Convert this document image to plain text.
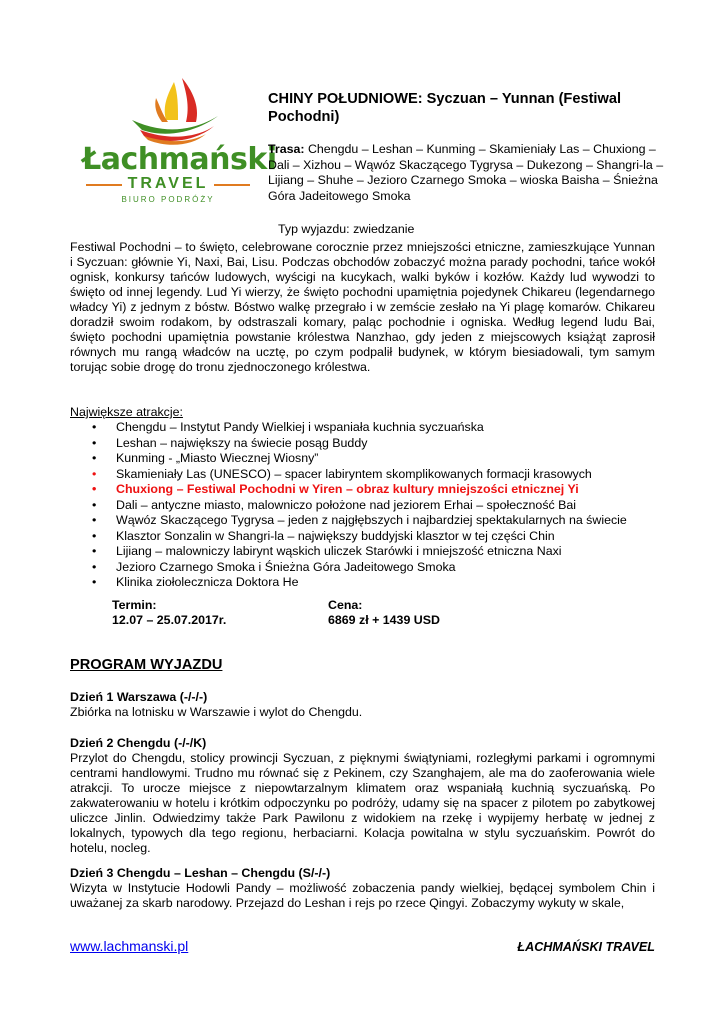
Łachmański
TRAVEL
BIURO PODRÓŻY

CHINY POŁUDNIOWE: Syczuan – Yunnan (Festiwal Pochodni)

Trasa: Chengdu – Leshan – Kunming – Skamieniały Las – Chuxiong – Dali – Xizhou – Wąwóz Skaczącego Tygrysa – Dukezong – Shangri-la – Lijiang – Shuhe – Jezioro Czarnego Smoka – wioska Baisha – Śnieżna Góra Jadeitowego Smoka
Typ wyjazdu: zwiedzanie

Festiwal Pochodni – to święto, celebrowane corocznie przez mniejszości etniczne, zamieszkujące Yunnan i Syczuan: głównie Yi, Naxi, Bai, Lisu. Podczas obchodów zobaczyć można parady pochodni, tańce wokół ognisk, konkursy tańców ludowych, wyścigi na kucykach, walki byków i kozłów. Każdy lud wywodzi to święto od innej legendy. Lud Yi wierzy, że święto pochodni upamiętnia pojedynek Chikareu (legendarnego władcy Yi) z jednym z bóstw. Bóstwo walkę przegrało i w zemście zesłało na Yi plagę komarów. Chikareu doradził swoim rodakom, by odstraszali komary, paląc pochodnie i ogniska. Według legend ludu Bai, święto pochodni upamiętnia powstanie królestwa Nanzhao, gdy jeden z miejscowych książąt zaprosił równych mu rangą władców na ucztę, po czym podpalił budynek, w którym biesiadowali, tym samym torując sobie drogę do tronu zjednoczonego królestwa.

Największe atrakcje:
• Chengdu – Instytut Pandy Wielkiej i wspaniała kuchnia syczuańska
• Leshan – największy na świecie posąg Buddy
• Kunming - „Miasto Wiecznej Wiosny”
• Skamieniały Las (UNESCO) – spacer labiryntem skomplikowanych formacji krasowych
• Chuxiong – Festiwal Pochodni w Yiren – obraz kultury mniejszości etnicznej Yi
• Dali – antyczne miasto, malowniczo położone nad jeziorem Erhai – społeczność Bai
• Wąwóz Skaczącego Tygrysa – jeden z najgłębszych i najbardziej spektakularnych na świecie
• Klasztor Sonzalin w Shangri-la – największy buddyjski klasztor w tej części Chin
• Lijiang – malowniczy labirynt wąskich uliczek Starówki i mniejszość etniczna Naxi
• Jezioro Czarnego Smoka i Śnieżna Góra Jadeitowego Smoka
• Klinika ziołolecznicza Doktora He
Termin:
12.07 – 25.07.2017r.
Cena:
6869 zł + 1439 USD
PROGRAM WYJAZDU
Dzień 1 Warszawa (-/-/-)

Zbiórka na lotnisku w Warszawie i wylot do Chengdu.

Dzień 2 Chengdu (-/-/K)

Przylot do Chengdu, stolicy prowincji Syczuan, z pięknymi świątyniami, rozległymi parkami i ogromnymi centrami handlowymi. Trudno mu równać się z Pekinem, czy Szanghajem, ale ma do zaoferowania wiele atrakcji. To urocze miejsce z niepowtarzalnym klimatem oraz wspaniałą kuchnią syczuańską. Po zakwaterowaniu w hotelu i krótkim odpoczynku po podróży, udamy się na spacer z pilotem po zabytkowej uliczce Jinlin. Odwiedzimy także Park Pawilonu z widokiem na rzekę i wypijemy herbatę w jednej z lokalnych, typowych dla tego regionu, herbaciarni. Kolacja powitalna w stylu syczuańskim. Powrót do hotelu, nocleg.

Dzień 3 Chengdu – Leshan – Chengdu (S/-/-)

Wizyta w Instytucie Hodowli Pandy – możliwość zobaczenia pandy wielkiej, będącej symbolem Chin i uważanej za skarb narodowy. Przejazd do Leshan i rejs po rzece Qingyi. Zobaczymy wykuty w skale,

www.lachmanski.pl	ŁACHMAŃSKI TRAVEL
